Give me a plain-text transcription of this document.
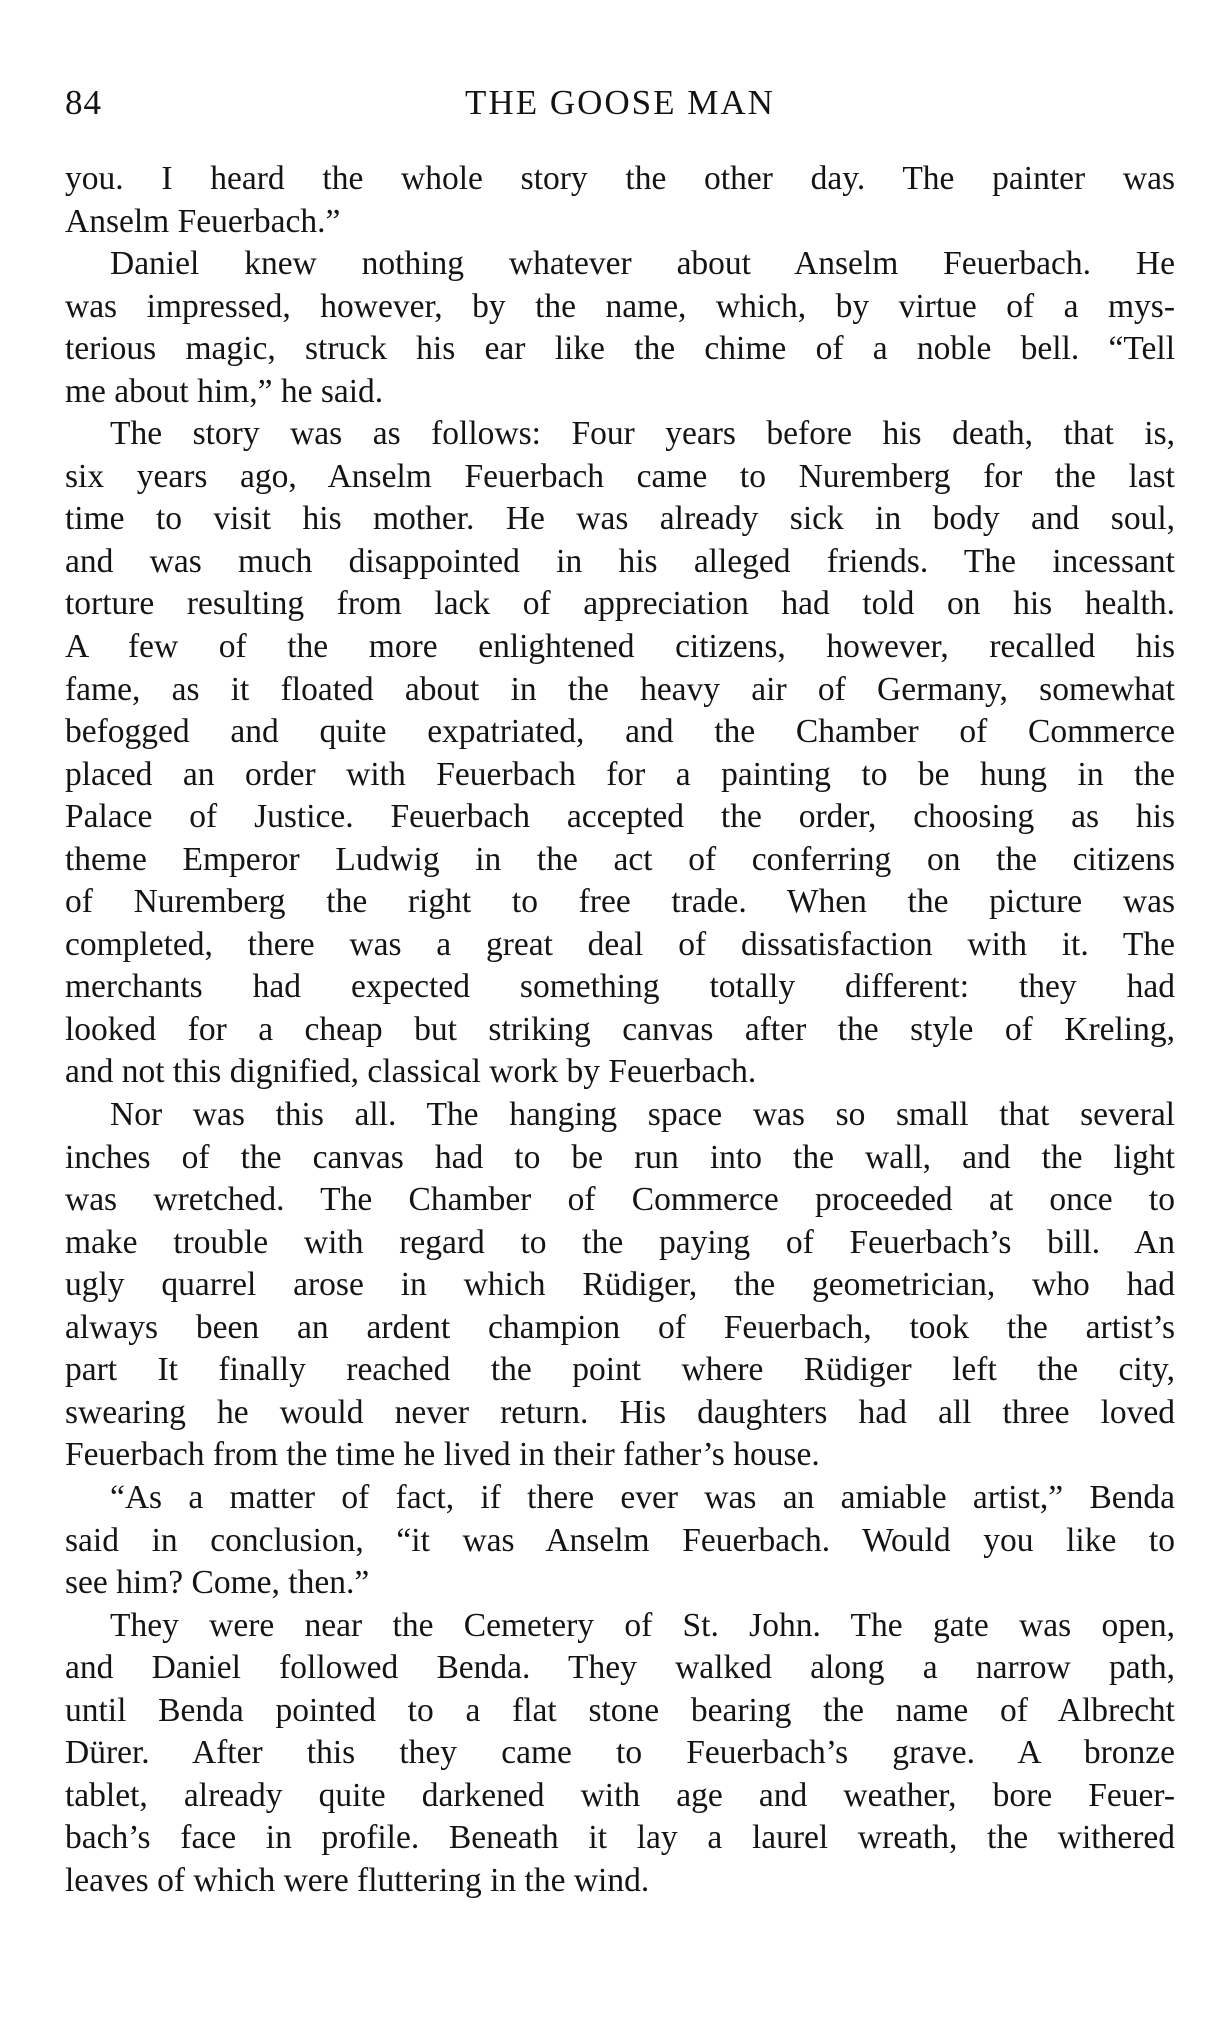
84	THE GOOSE MAN
you. I heard the whole story the other day. The painter was
Anselm Feuerbach.”
Daniel knew nothing whatever about Anselm Feuerbach. He
was impressed, however, by the name, which, by virtue of a mys-
terious magic, struck his ear like the chime of a noble bell. “Tell
me about him,” he said.
The story was as follows: Four years before his death, that is,
six years ago, Anselm Feuerbach came to Nuremberg for the last
time to visit his mother. He was already sick in body and soul,
and was much disappointed in his alleged friends. The incessant
torture resulting from lack of appreciation had told on his health.
A few of the more enlightened citizens, however, recalled his
fame, as it floated about in the heavy air of Germany, somewhat
befogged and quite expatriated, and the Chamber of Commerce
placed an order with Feuerbach for a painting to be hung in the
Palace of Justice. Feuerbach accepted the order, choosing as his
theme Emperor Ludwig in the act of conferring on the citizens
of Nuremberg the right to free trade. When the picture was
completed, there was a great deal of dissatisfaction with it. The
merchants had expected something totally different: they had
looked for a cheap but striking canvas after the style of Kreling,
and not this dignified, classical work by Feuerbach.
Nor was this all. The hanging space was so small that several
inches of the canvas had to be run into the wall, and the light
was wretched. The Chamber of Commerce proceeded at once to
make trouble with regard to the paying of Feuerbach’s bill. An
ugly quarrel arose in which Rüdiger, the geometrician, who had
always been an ardent champion of Feuerbach, took the artist’s
part It finally reached the point where Rüdiger left the city,
swearing he would never return. His daughters had all three loved
Feuerbach from the time he lived in their father’s house.
“As a matter of fact, if there ever was an amiable artist,” Benda
said in conclusion, “it was Anselm Feuerbach. Would you like to
see him? Come, then.”
They were near the Cemetery of St. John. The gate was open,
and Daniel followed Benda. They walked along a narrow path,
until Benda pointed to a flat stone bearing the name of Albrecht
Dürer. After this they came to Feuerbach’s grave. A bronze
tablet, already quite darkened with age and weather, bore Feuer-
bach’s face in profile. Beneath it lay a laurel wreath, the withered
leaves of which were fluttering in the wind.
